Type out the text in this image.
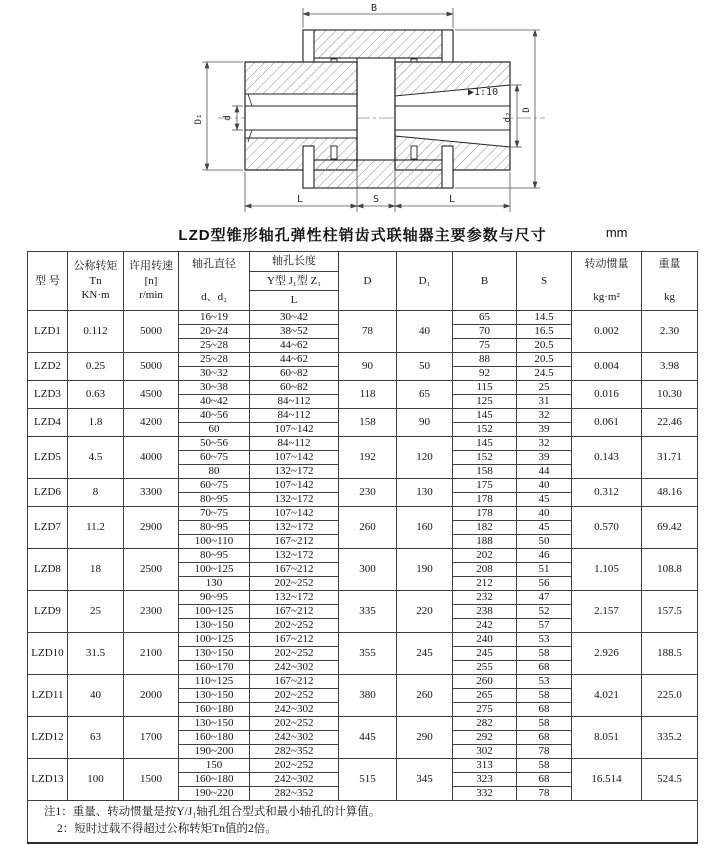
▶1:10
B
D₁ d	d₂
D
L	S	L
LZD型锥形轴孔弹性柱销齿式联轴器主要参数与尺寸	mm
型 号	
公称转矩
Tn
KN·m

许用转速
[n]
r/min

轴孔直径
d、d₂

轴孔长度
Y型 J₁型 Z₁
L
	D	D₁	B	S	
转动惯量
kg·m²

重量
kg

LZD1	0.112	5000	16~19	30~42	78	40	65	14.5	0.002	2.30
			20~24	38~52			70	16.5		
			25~28	44~62			75	20.5		
LZD2	0.25	5000	25~28	44~62	90	50	88	20.5	0.004	3.98
			30~32	60~82			92	24.5		
LZD3	0.63	4500	30~38	60~82	118	65	115	25	0.016	10.30
			40~42	84~112			125	31		
LZD4	1.8	4200	40~56	84~112	158	90	145	32	0.061	22.46
			60	107~142			152	39		
LZD5	4.5	4000	50~56	84~112	192	120	145	32	0.143	31.71
			60~75	107~142			152	39		
			80	132~172			158	44		
LZD6	8	3300	60~75	107~142	230	130	175	40	0.312	48.16
			80~95	132~172			178	45		
LZD7	11.2	2900	70~75	107~142	260	160	178	40	0.570	69.42
			80~95	132~172			182	45		
			100~110	167~212			188	50		
LZD8	18	2500	80~95	132~172	300	190	202	46	1.105	108.8
			100~125	167~212			208	51		
			130	202~252			212	56		
LZD9	25	2300	90~95	132~172	335	220	232	47	2.157	157.5
			100~125	167~212			238	52		
			130~150	202~252			242	57		
LZD10	31.5	2100	100~125	167~212	355	245	240	53	2.926	188.5
			130~150	202~252			245	58		
			160~170	242~302			255	68		
LZD11	40	2000	110~125	167~212	380	260	260	53	4.021	225.0
			130~150	202~252			265	58		
			160~180	242~302			275	68		
LZD12	63	1700	130~150	202~252	445	290	282	58	8.051	335.2
			160~180	242~302			292	68		
			190~200	282~352			302	78		
LZD13	100	1500	150	202~252	515	345	313	58	16.514	524.5
			160~180	242~302			323	68		
			190~220	282~352			332	78		

注1：重量、转动惯量是按Y/J₁轴孔组合型式和最小轴孔的计算值。
2：短时过载不得超过公称转矩Tn值的2倍。										
